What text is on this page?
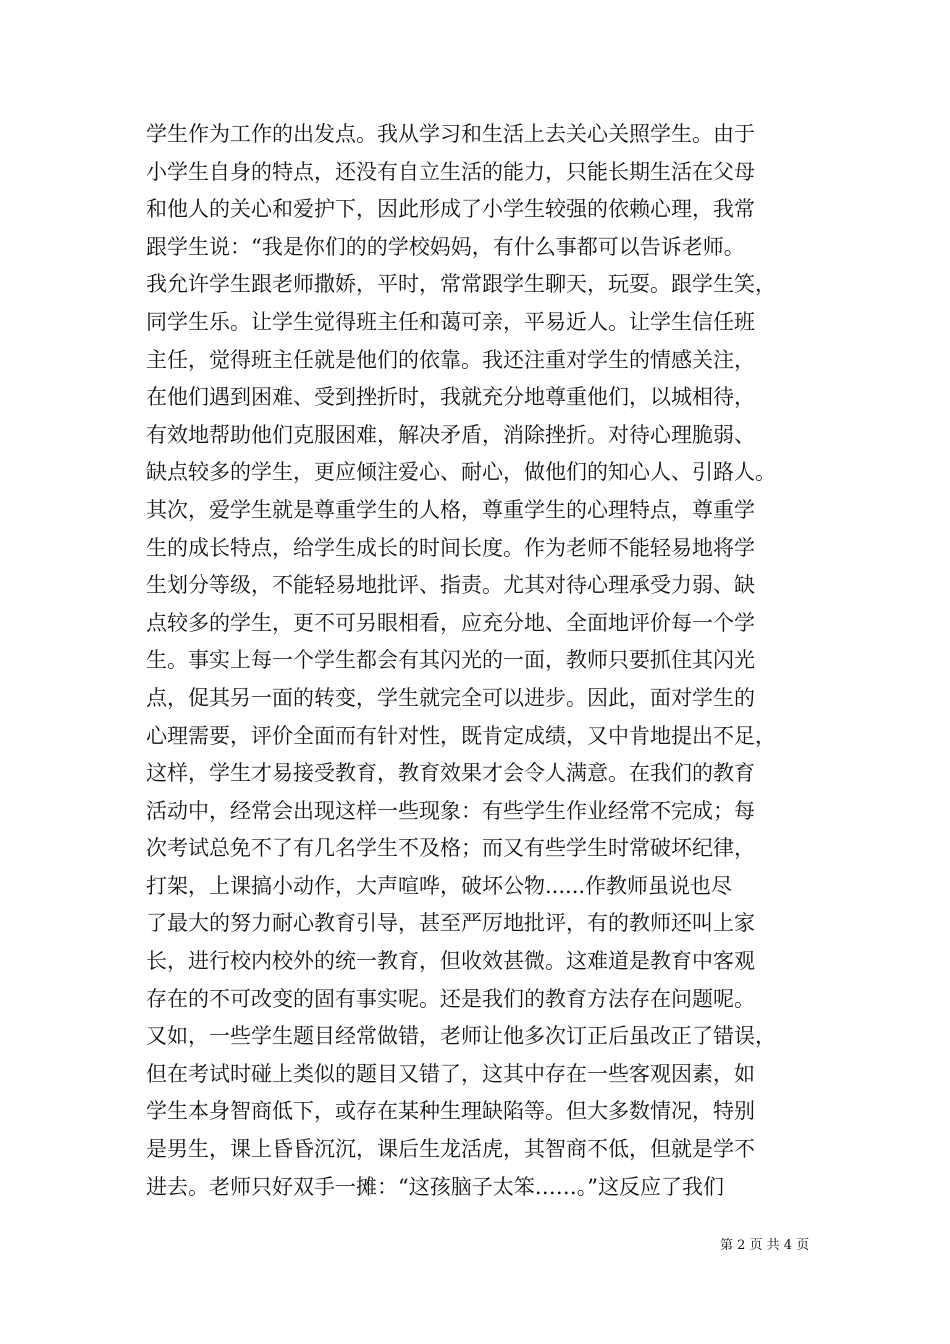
学生作为工作的出发点。我从学习和生活上去关心关照学生。由于
小学生自身的特点，还没有自立生活的能力，只能长期生活在父母
和他人的关心和爱护下，因此形成了小学生较强的依赖心理，我常
跟学生说：“我是你们的的学校妈妈，有什么事都可以告诉老师。
我允许学生跟老师撒娇，平时，常常跟学生聊天，玩耍。跟学生笑，
同学生乐。让学生觉得班主任和蔼可亲，平易近人。让学生信任班
主任，觉得班主任就是他们的依靠。我还注重对学生的情感关注，
在他们遇到困难、受到挫折时，我就充分地尊重他们，以城相待，
有效地帮助他们克服困难，解决矛盾，消除挫折。对待心理脆弱、
缺点较多的学生，更应倾注爱心、耐心，做他们的知心人、引路人。
其次，爱学生就是尊重学生的人格，尊重学生的心理特点，尊重学
生的成长特点，给学生成长的时间长度。作为老师不能轻易地将学
生划分等级，不能轻易地批评、指责。尤其对待心理承受力弱、缺
点较多的学生，更不可另眼相看，应充分地、全面地评价每一个学
生。事实上每一个学生都会有其闪光的一面，教师只要抓住其闪光
点，促其另一面的转变，学生就完全可以进步。因此，面对学生的
心理需要，评价全面而有针对性，既肯定成绩，又中肯地提出不足，
这样，学生才易接受教育，教育效果才会令人满意。在我们的教育
活动中，经常会出现这样一些现象：有些学生作业经常不完成；每
次考试总免不了有几名学生不及格；而又有些学生时常破坏纪律，
打架，上课搞小动作，大声喧哗，破坏公物......作教师虽说也尽
了最大的努力耐心教育引导，甚至严厉地批评，有的教师还叫上家
长，进行校内校外的统一教育，但收效甚微。这难道是教育中客观
存在的不可改变的固有事实呢。还是我们的教育方法存在问题呢。
又如，一些学生题目经常做错，老师让他多次订正后虽改正了错误，
但在考试时碰上类似的题目又错了，这其中存在一些客观因素，如
学生本身智商低下，或存在某种生理缺陷等。但大多数情况，特别
是男生，课上昏昏沉沉，课后生龙活虎，其智商不低，但就是学不
进去。老师只好双手一摊：“这孩脑子太笨……。”这反应了我们
第 2 页 共 4 页
